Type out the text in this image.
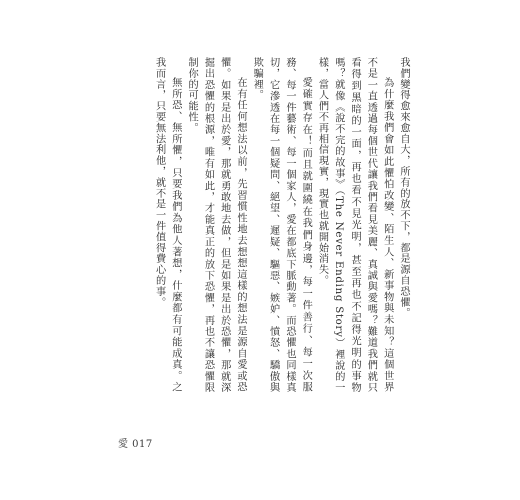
我們變得愈來愈自大，所有的放不下，都是源自恐懼。

為什麼我們會如此懼怕改變、陌生人、新事物與未知？這個世界不是一直透過每個世代讓我們看見美麗、真誠與愛嗎？難道我們就只看得到黑暗的一面，再也看不見光明，甚至再也不記得光明的事物嗎？就像《說不完的故事》（The Never Ending Story）裡說的一樣，當人們不再相信現實，現實也就開始消失。

愛確實存在！而且就圍繞在我們身邊，每一件善行、每一次服務、每一件藝術、每一個家人，愛在都底下脈動著。而恐懼也同樣真切，它滲透在每一個疑問、絕望、遲疑、驅惡、嫉妒、憤怒、驕傲與欺騙裡。

在有任何想法以前，先習慣性地去想想這樣的想法是源自愛或恐懼。如果是出於愛，那就勇敢地去做，但是如果是出於恐懼，那就深掘出恐懼的根源，唯有如此，才能真正的放下恐懼，再也不讓恐懼限制你的可能性。

無所恐、無所懼，只要我們為他人著想，什麼都有可能成真。之我而言，只要無法利他，就不是一件值得費心的事。

愛 017
